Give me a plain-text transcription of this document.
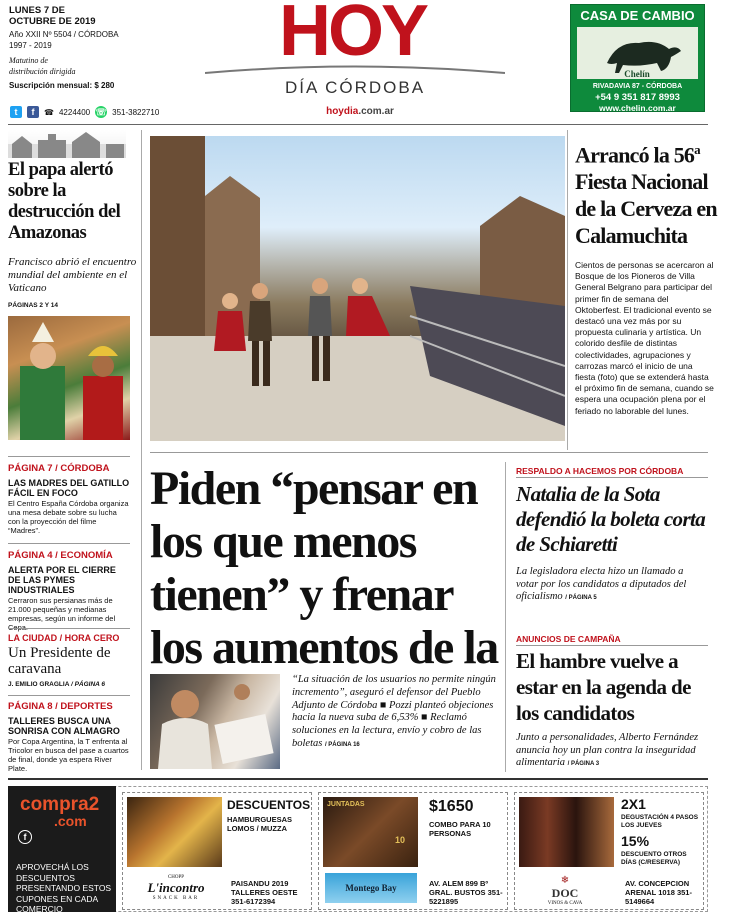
LUNES 7 DE
OCTUBRE DE 2019
Año XXII Nº 5504 / CÓRDOBA
1997 - 2019
Matutino de
distribución dirigida
Suscripción mensual: $ 280
HOY
DÍA CÓRDOBA
t	f	☎ 4224400 ☏ 351-3822710	hoydia.com.ar
CASA DE CAMBIO
Chelín
RIVADAVIA 87 - CÓRDOBA
+54 9 351 817 8993
www.chelin.com.ar
El papa alertó sobre la destrucción del Amazonas
Francisco abrió el encuentro mundial del ambiente en el Vaticano
PÁGINAS 2 Y 14
PÁGINA 7 / CÓRDOBA
LAS MADRES DEL GATILLO FÁCIL EN FOCO
El Centro España Córdoba organiza una mesa debate sobre su lucha con la proyección del filme “Madres”.
PÁGINA 4 / ECONOMÍA
ALERTA POR EL CIERRE DE LAS PYMES INDUSTRIALES
Cerraron sus persianas más de 21.000 pequeñas y medianas empresas, según un informe del
LA CIUDAD / HORA CERO
Un Presidente de caravana
J. EMILIO GRAGLIA / PÁGINA 6
PÁGINA 8 / DEPORTES
TALLERES BUSCA UNA SONRISA CON ALMAGRO
Por Copa Argentina, la T enfrenta al Tricolor en busca del pase a cuartos de final, donde ya espera River Plate.
Arrancó la 56$^a$ Fiesta Nacional de la Cerveza en Calamuchita
Cientos de personas se acercaron al Bosque de los Pioneros de Villa General Belgrano para participar del primer fin de semana del Oktoberfest. El tradicional evento se destacó una vez más por su propuesta culinaria y artística. Un colorido desfile de distintas colectividades, agrupaciones y carrozas marcó el inicio de una fiesta (foto) que se extenderá hasta el próximo fin de semana, cuando se espera una ocupación plena por el feriado no laborable del lunes.
Piden “pensar en los que menos tienen” y frenar los aumentos de la
“La situación de los usuarios no permite ningún incremento”, aseguró el defensor del Pueblo Adjunto de Córdoba ■ Pozzi planteó objeciones hacia la nueva suba de 6,53% ■ Reclamó soluciones en la lectura, envío y cobro de las boletas / PÁGINA 16
RESPALDO A HACEMOS POR CÓRDOBA
Natalia de la Sota defendió la boleta corta de Schiaretti
La legisladora electa hizo un llamado a votar por los candidatos a diputados del oficialismo / PÁGINA 5
ANUNCIOS DE CAMPAÑA
El hambre vuelve a estar en la agenda de los candidatos
Junto a personalidades, Alberto Fernández anuncia hoy un plan contra la inseguridad alimentaria / PÁGINA 3
compra2
.com
f
APROVECHÁ LOS DESCUENTOS PRESENTANDO ESTOS CUPONES EN CADA COMERCIO
DESCUENTOS
HAMBURGUESAS LOMOS / MUZZA
CHOPP
L'incontro
SNACK BAR
PAISANDU 2019 TALLERES OESTE 351-6172394
JUNTADAS
10
$1650
COMBO PARA 10 PERSONAS
Montego Bay	AV. ALEM 899 Bº GRAL. BUSTOS 351-5221895
2X1
DEGUSTACIÓN 4 PASOS LOS JUEVES
15%
DESCUENTO OTROS DÍAS (C/RESERVA)
❄
DOC
VINOS & CAVA
AV. CONCEPCION ARENAL 1018 351-5149664
